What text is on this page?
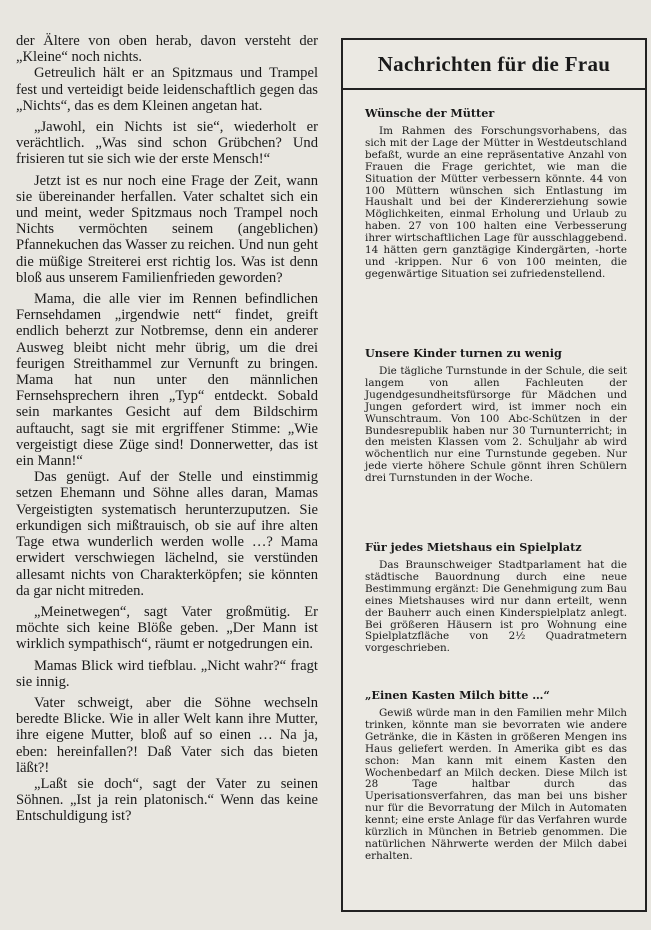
der Ältere von oben herab, davon versteht der „Kleine“ noch nichts.

Getreulich hält er an Spitzmaus und Trampel fest und verteidigt beide leidenschaftlich gegen das „Nichts“, das es dem Kleinen angetan hat.

„Jawohl, ein Nichts ist sie“, wiederholt er verächtlich. „Was sind schon Grübchen? Und frisieren tut sie sich wie der erste Mensch!“

Jetzt ist es nur noch eine Frage der Zeit, wann sie übereinander herfallen. Vater schaltet sich ein und meint, weder Spitzmaus noch Trampel noch Nichts vermöchten seinem (angeblichen) Pfannekuchen das Wasser zu reichen. Und nun geht die müßige Streiterei erst richtig los. Was ist denn bloß aus unserem Familienfrieden geworden?

Mama, die alle vier im Rennen befindlichen Fernsehdamen „irgendwie nett“ findet, greift endlich beherzt zur Notbremse, denn ein anderer Ausweg bleibt nicht mehr übrig, um die drei feurigen Streithammel zur Vernunft zu bringen. Mama hat nun unter den männlichen Fernsehsprechern ihren „Typ“ entdeckt. Sobald sein markantes Gesicht auf dem Bildschirm auftaucht, sagt sie mit ergriffener Stimme: „Wie vergeistigt diese Züge sind! Donnerwetter, das ist ein Mann!“

Das genügt. Auf der Stelle und einstimmig setzen Ehemann und Söhne alles daran, Mamas Vergeistigten systematisch herunterzuputzen. Sie erkundigen sich mißtrauisch, ob sie auf ihre alten Tage etwa wunderlich werden wolle …? Mama erwidert verschwiegen lächelnd, sie verstünden allesamt nichts von Charakterköpfen; sie könnten da gar nicht mitreden.

„Meinetwegen“, sagt Vater großmütig. Er möchte sich keine Blöße geben. „Der Mann ist wirklich sympathisch“, räumt er notgedrungen ein.

Mamas Blick wird tiefblau. „Nicht wahr?“ fragt sie innig.

Vater schweigt, aber die Söhne wechseln beredte Blicke. Wie in aller Welt kann ihre Mutter, ihre eigene Mutter, bloß auf so einen … Na ja, eben: hereinfallen?! Daß Vater sich das bieten läßt?!

„Laßt sie doch“, sagt der Vater zu seinen Söhnen. „Ist ja rein platonisch.“ Wenn das keine Entschuldigung ist?

Nachrichten für die Frau
Wünsche der Mütter

Im Rahmen des Forschungsvorhabens, das sich mit der Lage der Mütter in Westdeutschland befaßt, wurde an eine repräsentative Anzahl von Frauen die Frage gerichtet, wie man die Situation der Mütter verbessern könnte. 44 von 100 Müttern wünschen sich Entlastung im Haushalt und bei der Kindererziehung sowie Möglichkeiten, einmal Erholung und Urlaub zu haben. 27 von 100 halten eine Verbesserung ihrer wirtschaftlichen Lage für ausschlaggebend. 14 hätten gern ganztägige Kindergärten, -horte und -krippen. Nur 6 von 100 meinten, die gegenwärtige Situation sei zufriedenstellend.

Unsere Kinder turnen zu wenig

Die tägliche Turnstunde in der Schule, die seit langem von allen Fachleuten der Jugendgesundheitsfürsorge für Mädchen und Jungen gefordert wird, ist immer noch ein Wunschtraum. Von 100 Abc-Schützen in der Bundesrepublik haben nur 30 Turnunterricht; in den meisten Klassen vom 2. Schuljahr ab wird wöchentlich nur eine Turnstunde gegeben. Nur jede vierte höhere Schule gönnt ihren Schülern drei Turnstunden in der Woche.

Für jedes Mietshaus ein Spielplatz

Das Braunschweiger Stadtparlament hat die städtische Bauordnung durch eine neue Bestimmung ergänzt: Die Genehmigung zum Bau eines Mietshauses wird nur dann erteilt, wenn der Bauherr auch einen Kinderspielplatz anlegt. Bei größeren Häusern ist pro Wohnung eine Spielplatzfläche von 2½ Quadratmetern vorgeschrieben.

„Einen Kasten Milch bitte …“

Gewiß würde man in den Familien mehr Milch trinken, könnte man sie bevorraten wie andere Getränke, die in Kästen in größeren Mengen ins Haus geliefert werden. In Amerika gibt es das schon: Man kann mit einem Kasten den Wochenbedarf an Milch decken. Diese Milch ist 28 Tage haltbar durch das Uperisationsverfahren, das man bei uns bisher nur für die Bevorratung der Milch in Automaten kennt; eine erste Anlage für das Verfahren wurde kürzlich in München in Betrieb genommen. Die natürlichen Nährwerte werden der Milch dabei erhalten.
